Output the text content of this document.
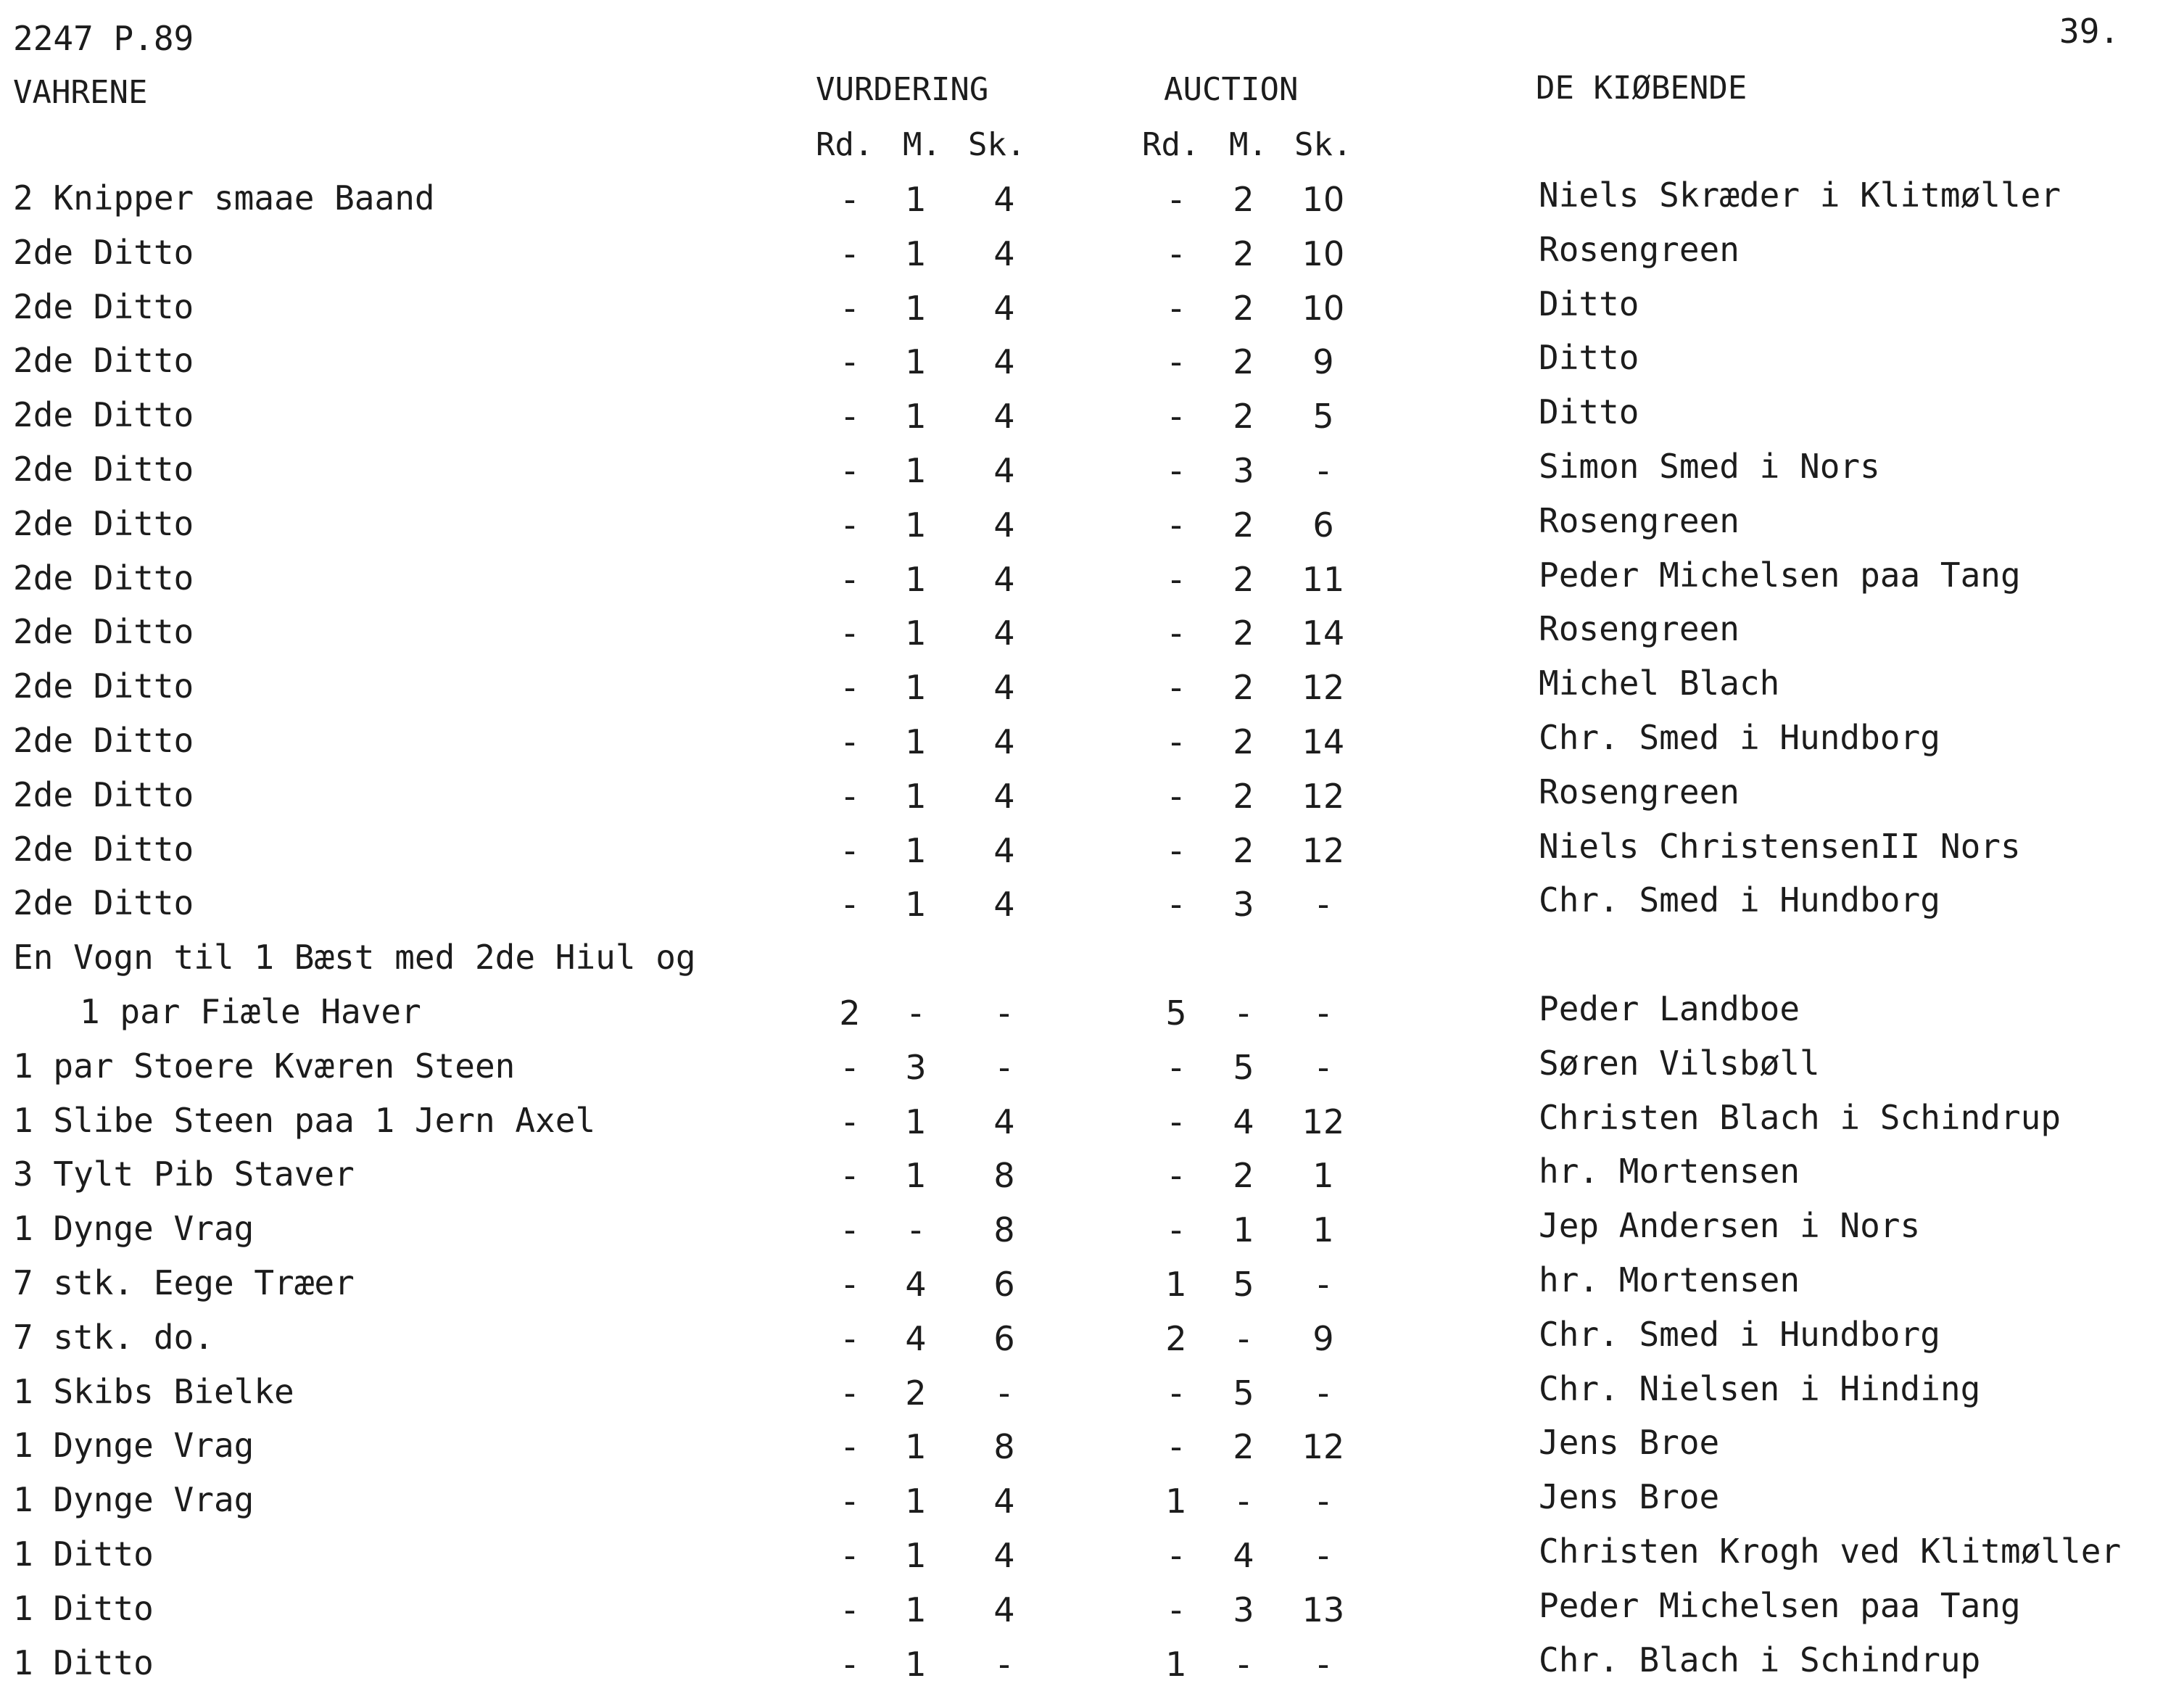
2247 P.89	39.
VAHRENE	VURDERING	AUCTION	DE KIØBENDE
Rd. M. Sk.	Rd. M. Sk.
2 Knipper smaae Baand	-	1	4	-	2	10	Niels Skræder i Klitmøller
2de Ditto	-	1	4	-	2	10	Rosengreen
2de Ditto	-	1	4	-	2	10	Ditto
2de Ditto	-	1	4	-	2	9	Ditto
2de Ditto	-	1	4	-	2	5	Ditto
2de Ditto	-	1	4	-	3	-	Simon Smed i Nors
2de Ditto	-	1	4	-	2	6	Rosengreen
2de Ditto	-	1	4	-	2	11	Peder Michelsen paa Tang
2de Ditto	-	1	4	-	2	14	Rosengreen
2de Ditto	-	1	4	-	2	12	Michel Blach
2de Ditto	-	1	4	-	2	14	Chr. Smed i Hundborg
2de Ditto	-	1	4	-	2	12	Rosengreen
2de Ditto	-	1	4	-	2	12	Niels ChristensenII Nors
2de Ditto	-	1	4	-	3	-	Chr. Smed i Hundborg
En Vogn til 1 Bæst med 2de Hiul og
1 par Fiæle Haver	2	-	-	5	-	-	Peder Landboe
1 par Stoere Kværen Steen	-	3	-	-	5	-	Søren Vilsbøll
1 Slibe Steen paa 1 Jern Axel	-	1	4	-	4	12	Christen Blach i Schindrup
3 Tylt Pib Staver	-	1	8	-	2	1	hr. Mortensen
1 Dynge Vrag	-	-	8	-	1	1	Jep Andersen i Nors
7 stk. Eege Træer	-	4	6	1	5	-	hr. Mortensen
7 stk. do.	-	4	6	2	-	9	Chr. Smed i Hundborg
1 Skibs Bielke	-	2	-	-	5	-	Chr. Nielsen i Hinding
1 Dynge Vrag	-	1	8	-	2	12	Jens Broe
1 Dynge Vrag	-	1	4	1	-	-	Jens Broe
1 Ditto	-	1	4	-	4	-	Christen Krogh ved Klitmøller
1 Ditto	-	1	4	-	3	13	Peder Michelsen paa Tang
1 Ditto	-	1	-	1	-	-	Chr. Blach i Schindrup
